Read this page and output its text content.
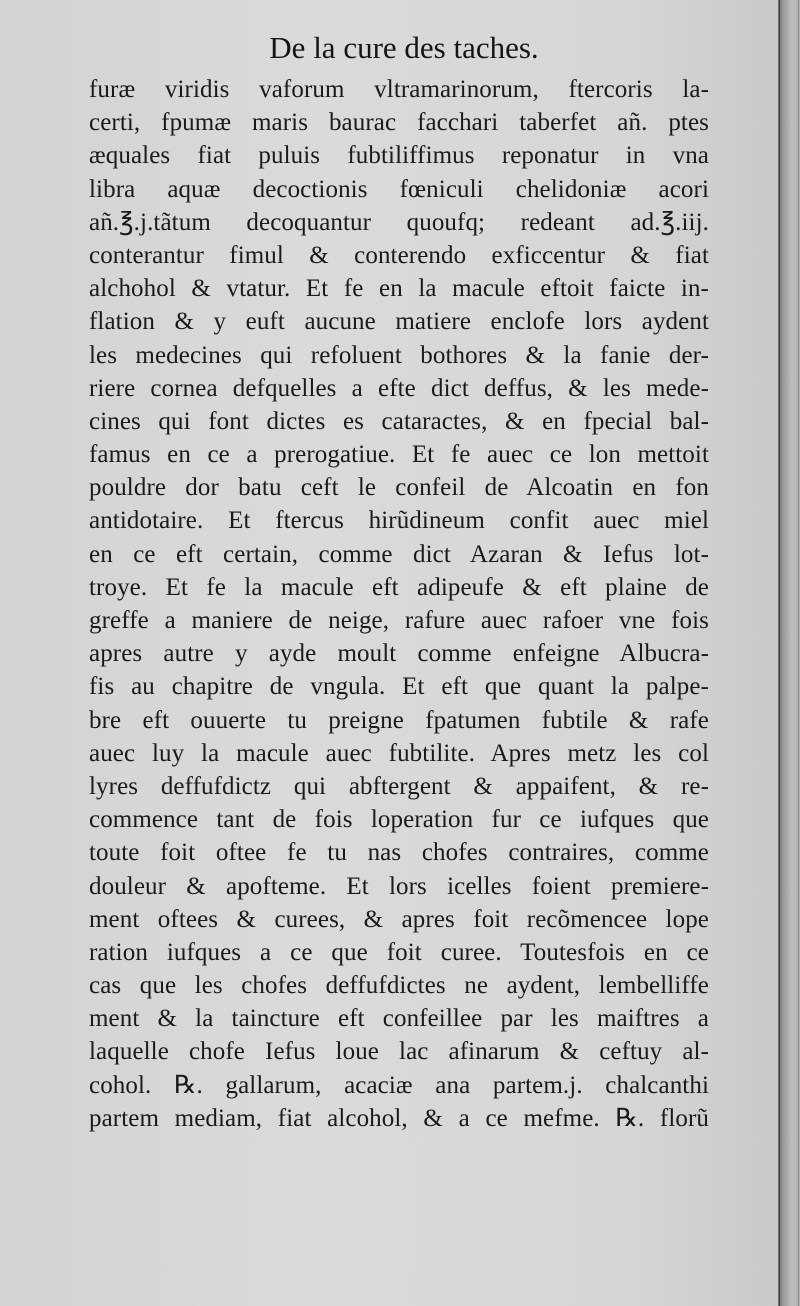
De la cure des taches.
furæ viridis vaforum vltramarinorum, ftercoris la-
certi, fpumæ maris baurac facchari taberfet añ. ptes
æquales fiat puluis fubtiliffimus reponatur in vna
libra aquæ decoctionis fœniculi chelidoniæ acori
añ.℥.j.tãtum decoquantur quoufq; redeant ad.℥.iij.
conterantur fimul & conterendo exficcentur & fiat
alchohol & vtatur. Et fe en la macule eftoit faicte in-
flation & y euft aucune matiere enclofe lors aydent
les medecines qui refoluent bothores & la fanie der-
riere cornea defquelles a efte dict deffus, & les mede-
cines qui font dictes es cataractes, & en fpecial bal-
famus en ce a prerogatiue. Et fe auec ce lon mettoit
pouldre dor batu ceft le confeil de Alcoatin en fon
antidotaire. Et ftercus hirũdineum confit auec miel
en ce eft certain, comme dict Azaran & Iefus lot-
troye. Et fe la macule eft adipeufe & eft plaine de
greffe a maniere de neige, rafure auec rafoer vne fois
apres autre y ayde moult comme enfeigne Albucra-
fis au chapitre de vngula. Et eft que quant la palpe-
bre eft ouuerte tu preigne fpatumen fubtile & rafe
auec luy la macule auec fubtilite. Apres metz les col
lyres deffufdictz qui abftergent & appaifent, & re-
commence tant de fois loperation fur ce iufques que
toute foit oftee fe tu nas chofes contraires, comme
douleur & apofteme. Et lors icelles foient premiere-
ment oftees & curees, & apres foit recõmencee lope
ration iufques a ce que foit curee. Toutesfois en ce
cas que les chofes deffufdictes ne aydent, lembelliffe
ment & la taincture eft confeillee par les maiftres a
laquelle chofe Iefus loue lac afinarum & ceftuy al-
cohol. ℞. gallarum, acaciæ ana partem.j. chalcanthi
partem mediam, fiat alcohol, & a ce mefme. ℞. florũ
